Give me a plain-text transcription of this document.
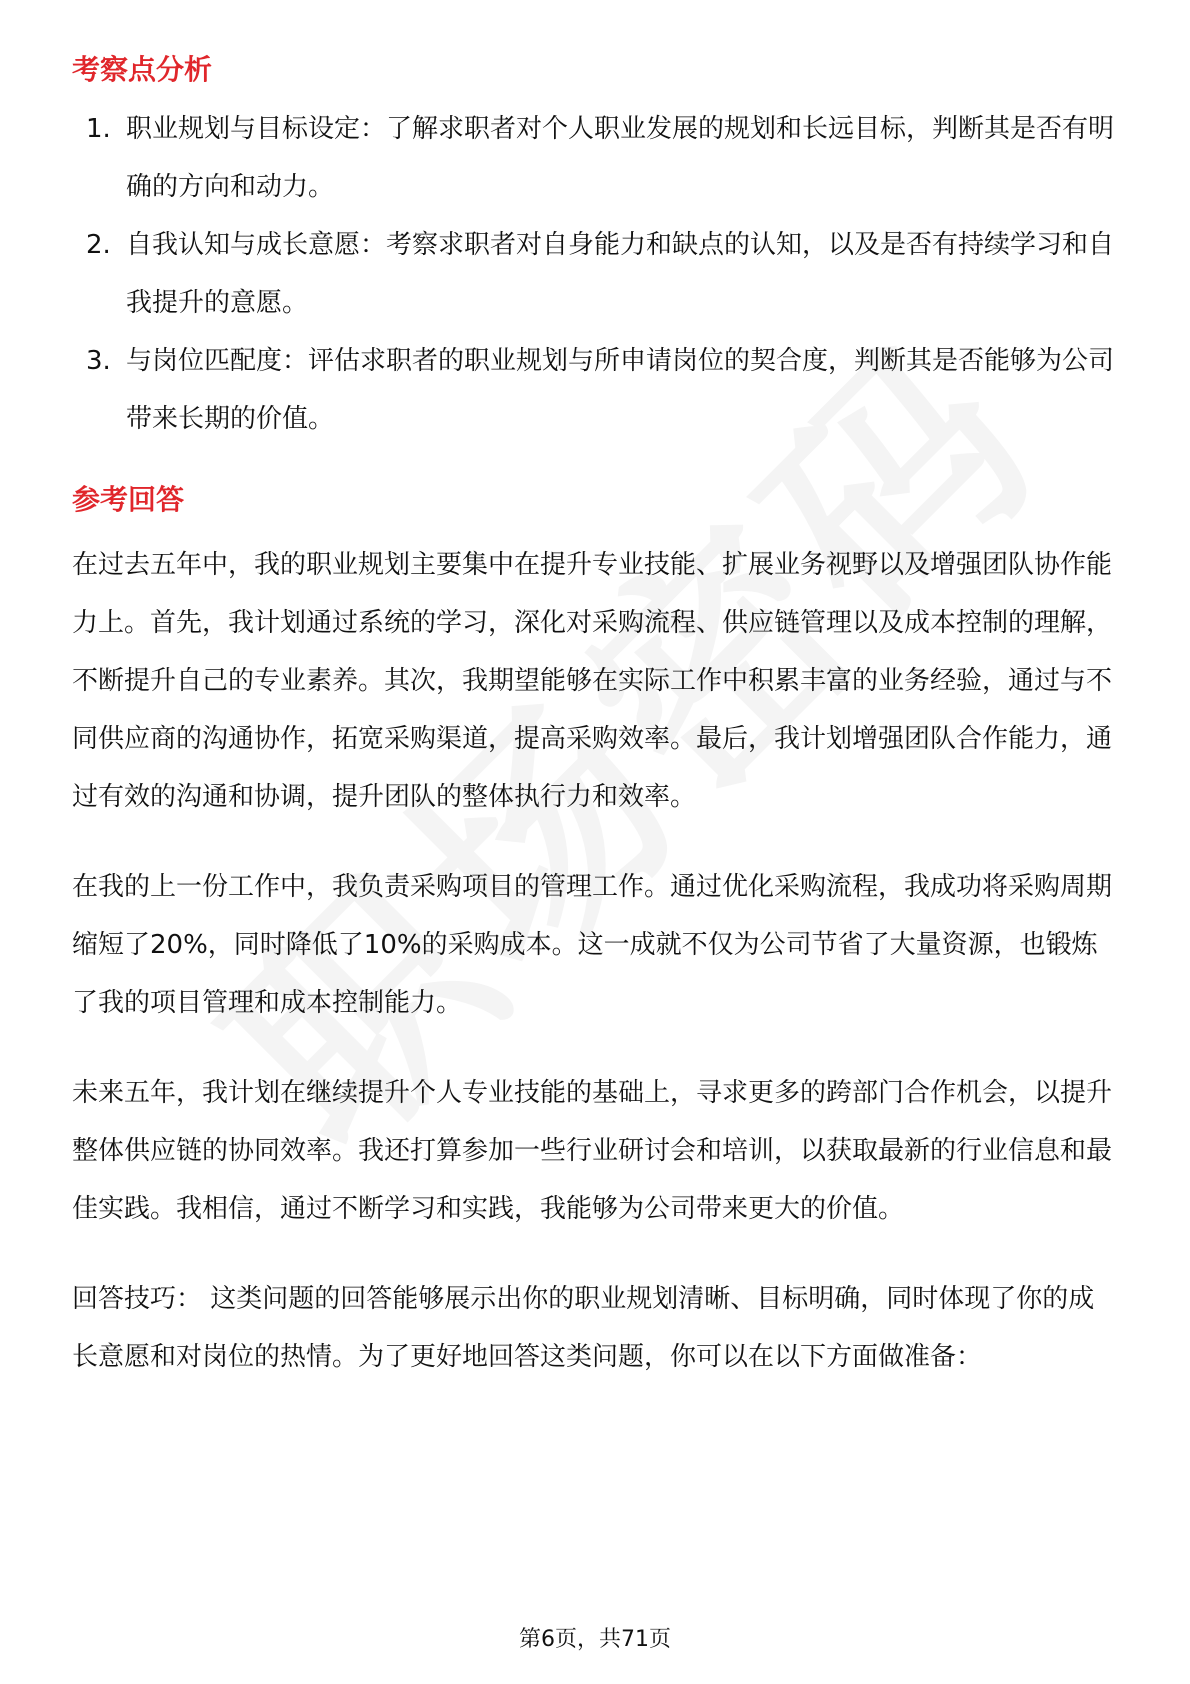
考察点分析
1. 职业规划与目标设定：了解求职者对个人职业发展的规划和长远目标，判断其是否有明确的方向和动力。
2. 自我认知与成长意愿：考察求职者对自身能力和缺点的认知，以及是否有持续学习和自我提升的意愿。
3. 与岗位匹配度：评估求职者的职业规划与所申请岗位的契合度，判断其是否能够为公司带来长期的价值。
参考回答

在过去五年中，我的职业规划主要集中在提升专业技能、扩展业务视野以及增强团队协作能力上。首先，我计划通过系统的学习，深化对采购流程、供应链管理以及成本控制的理解，不断提升自己的专业素养。其次，我期望能够在实际工作中积累丰富的业务经验，通过与不同供应商的沟通协作，拓宽采购渠道，提高采购效率。最后，我计划增强团队合作能力，通过有效的沟通和协调，提升团队的整体执行力和效率。

在我的上一份工作中，我负责采购项目的管理工作。通过优化采购流程，我成功将采购周期缩短了20%，同时降低了10%的采购成本。这一成就不仅为公司节省了大量资源，也锻炼了我的项目管理和成本控制能力。

未来五年，我计划在继续提升个人专业技能的基础上，寻求更多的跨部门合作机会，以提升整体供应链的协同效率。我还打算参加一些行业研讨会和培训，以获取最新的行业信息和最佳实践。我相信，通过不断学习和实践，我能够为公司带来更大的价值。

回答技巧： 这类问题的回答能够展示出你的职业规划清晰、目标明确，同时体现了你的成长意愿和对岗位的热情。为了更好地回答这类问题，你可以在以下方面做准备：

第6页，共71页
